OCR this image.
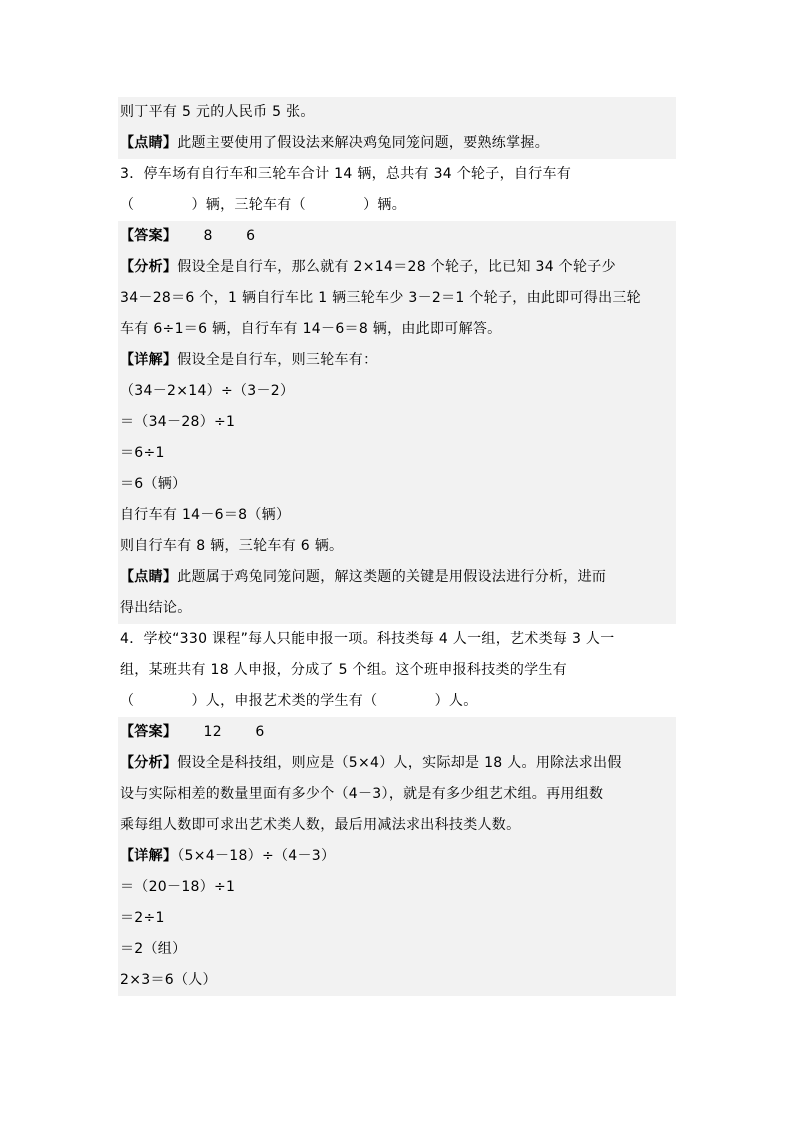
则丁平有 5 元的人民币 5 张。
【点睛】此题主要使用了假设法来解决鸡兔同笼问题，要熟练掌握。
3．停车场有自行车和三轮车合计 14 辆，总共有 34 个轮子，自行车有
（　　　　）辆，三轮车有（　　　　）辆。
【答案】　　 8　　 6
【分析】假设全是自行车，那么就有 2×14＝28 个轮子，比已知 34 个轮子少
34－28＝6 个，1 辆自行车比 1 辆三轮车少 3－2＝1 个轮子，由此即可得出三轮
车有 6÷1＝6 辆，自行车有 14－6＝8 辆，由此即可解答。
【详解】假设全是自行车，则三轮车有：
（34－2×14）÷（3－2）
＝（34－28）÷1
＝6÷1
＝6（辆）
自行车有 14－6＝8（辆）
则自行车有 8 辆，三轮车有 6 辆。
【点睛】此题属于鸡兔同笼问题，解这类题的关键是用假设法进行分析，进而
得出结论。
4．学校“330 课程”每人只能申报一项。科技类每 4 人一组，艺术类每 3 人一
组，某班共有 18 人申报，分成了 5 个组。这个班申报科技类的学生有
（　　　　）人，申报艺术类的学生有（　　　　）人。
【答案】　　 12　　 6
【分析】假设全是科技组，则应是（5×4）人，实际却是 18 人。用除法求出假
设与实际相差的数量里面有多少个（4－3），就是有多少组艺术组。再用组数
乘每组人数即可求出艺术类人数，最后用减法求出科技类人数。
【详解】（5×4－18）÷（4－3）
＝（20－18）÷1
＝2÷1
＝2（组）
2×3＝6（人）
